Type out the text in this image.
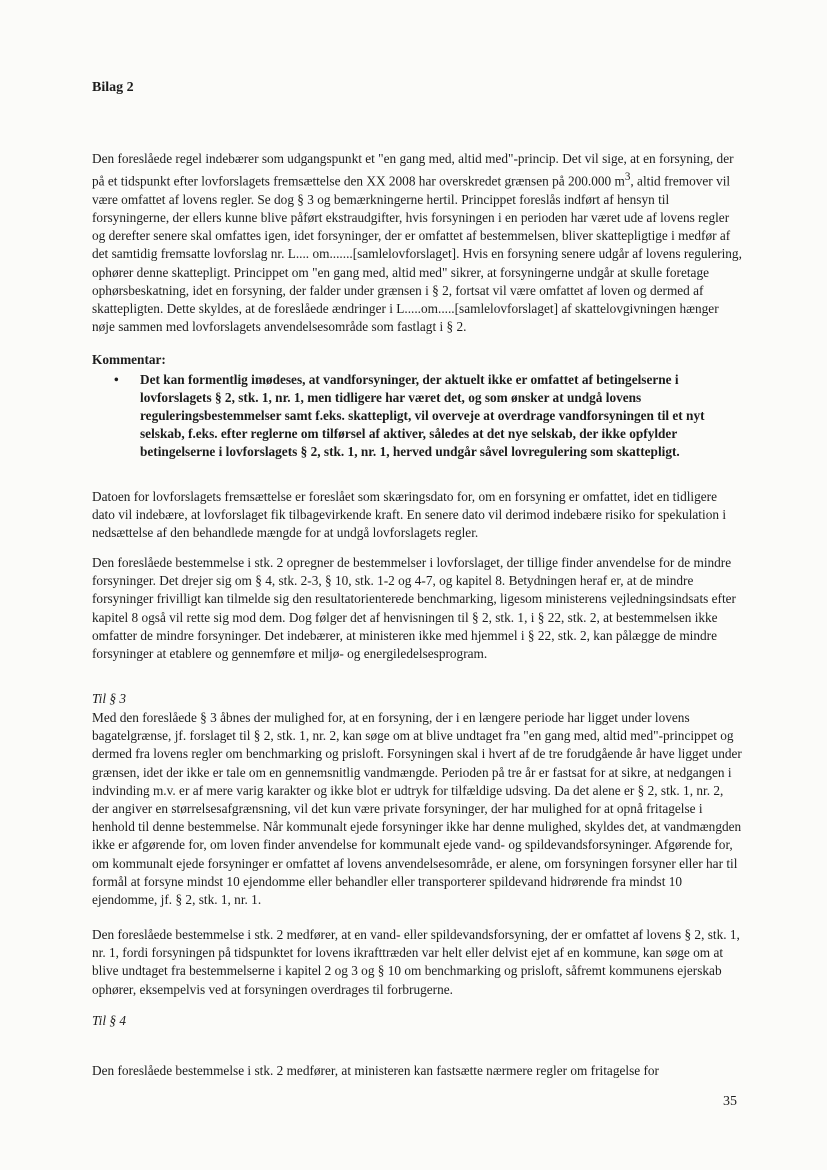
Bilag 2

Den foreslåede regel indebærer som udgangspunkt et "en gang med, altid med"-princip. Det vil sige, at en forsyning, der på et tidspunkt efter lovforslagets fremsættelse den XX 2008 har overskredet grænsen på 200.000 $m^3$, altid fremover vil være omfattet af lovens regler. Se dog § 3 og bemærkningerne hertil. Princippet foreslås indført af hensyn til forsyningerne, der ellers kunne blive påført ekstraudgifter, hvis forsyningen i en perioden har været ude af lovens regler og derefter senere skal omfattes igen, idet forsyninger, der er omfattet af bestemmelsen, bliver skattepligtige i medfør af det samtidig fremsatte lovforslag nr. L.... om.......[samlelovforslaget]. Hvis en forsyning senere udgår af lovens regulering, ophører denne skattepligt. Princippet om "en gang med, altid med" sikrer, at forsyningerne undgår at skulle foretage ophørsbeskatning, idet en forsyning, der falder under grænsen i § 2, fortsat vil være omfattet af loven og dermed af skattepligten. Dette skyldes, at de foreslåede ændringer i L.....om.....[samlelovforslaget] af skattelovgivningen hænger nøje sammen med lovforslagets anvendelsesområde som fastlagt i § 2.

Kommentar:

•	Det kan formentlig imødeses, at vandforsyninger, der aktuelt ikke er omfattet af betingelserne i lovforslagets § 2, stk. 1, nr. 1, men tidligere har været det, og som ønsker at undgå lovens reguleringsbestemmelser samt f.eks. skattepligt, vil overveje at overdrage vandforsyningen til et nyt selskab, f.eks. efter reglerne om tilførsel af aktiver, således at det nye selskab, der ikke opfylder betingelserne i lovforslagets § 2, stk. 1, nr. 1, herved undgår såvel lovregulering som skattepligt.

Datoen for lovforslagets fremsættelse er foreslået som skæringsdato for, om en forsyning er omfattet, idet en tidligere dato vil indebære, at lovforslaget fik tilbagevirkende kraft. En senere dato vil derimod indebære risiko for spekulation i nedsættelse af den behandlede mængde for at undgå lovforslagets regler.

Den foreslåede bestemmelse i stk. 2 opregner de bestemmelser i lovforslaget, der tillige finder anvendelse for de mindre forsyninger. Det drejer sig om § 4, stk. 2-3, § 10, stk. 1-2 og 4-7, og kapitel 8. Betydningen heraf er, at de mindre forsyninger frivilligt kan tilmelde sig den resultatorienterede benchmarking, ligesom ministerens vejledningsindsats efter kapitel 8 også vil rette sig mod dem. Dog følger det af henvisningen til § 2, stk. 1, i § 22, stk. 2, at bestemmelsen ikke omfatter de mindre forsyninger. Det indebærer, at ministeren ikke med hjemmel i § 22, stk. 2, kan pålægge de mindre forsyninger at etablere og gennemføre et miljø- og energiledelsesprogram.

Til § 3

Med den foreslåede § 3 åbnes der mulighed for, at en forsyning, der i en længere periode har ligget under lovens bagatelgrænse, jf. forslaget til § 2, stk. 1, nr. 2, kan søge om at blive undtaget fra "en gang med, altid med"-princippet og dermed fra lovens regler om benchmarking og prisloft. Forsyningen skal i hvert af de tre forudgående år have ligget under grænsen, idet der ikke er tale om en gennemsnitlig vandmængde. Perioden på tre år er fastsat for at sikre, at nedgangen i indvinding m.v. er af mere varig karakter og ikke blot er udtryk for tilfældige udsving. Da det alene er § 2, stk. 1, nr. 2, der angiver en størrelsesafgrænsning, vil det kun være private forsyninger, der har mulighed for at opnå fritagelse i henhold til denne bestemmelse. Når kommunalt ejede forsyninger ikke har denne mulighed, skyldes det, at vandmængden ikke er afgørende for, om loven finder anvendelse for kommunalt ejede vand- og spildevandsforsyninger. Afgørende for, om kommunalt ejede forsyninger er omfattet af lovens anvendelsesområde, er alene, om forsyningen forsyner eller har til formål at forsyne mindst 10 ejendomme eller behandler eller transporterer spildevand hidrørende fra mindst 10 ejendomme, jf. § 2, stk. 1, nr. 1.

Den foreslåede bestemmelse i stk. 2 medfører, at en vand- eller spildevandsforsyning, der er omfattet af lovens § 2, stk. 1, nr. 1, fordi forsyningen på tidspunktet for lovens ikrafttræden var helt eller delvist ejet af en kommune, kan søge om at blive undtaget fra bestemmelserne i kapitel 2 og 3 og § 10 om benchmarking og prisloft, såfremt kommunens ejerskab ophører, eksempelvis ved at forsyningen overdrages til forbrugerne.

Til § 4

Den foreslåede bestemmelse i stk. 2 medfører, at ministeren kan fastsætte nærmere regler om fritagelse for

35
